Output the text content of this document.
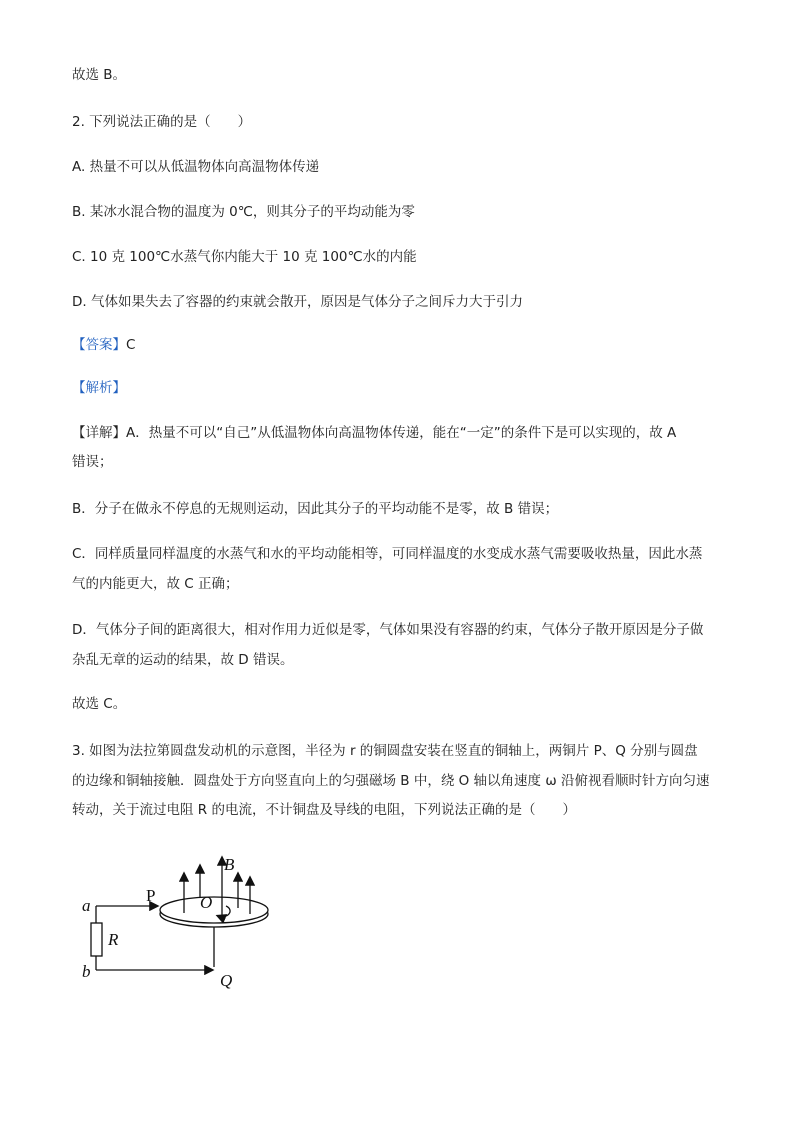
故选 B。
2. 下列说法正确的是（　　）
A. 热量不可以从低温物体向高温物体传递
B. 某冰水混合物的温度为 0℃，则其分子的平均动能为零
C. 10 克 100℃水蒸气你内能大于 10 克 100℃水的内能
D. 气体如果失去了容器的约束就会散开，原因是气体分子之间斥力大于引力
【答案】C
【解析】
【详解】A．热量不可以“自己”从低温物体向高温物体传递，能在“一定”的条件下是可以实现的，故 A
错误；
B．分子在做永不停息的无规则运动，因此其分子的平均动能不是零，故 B 错误；
C．同样质量同样温度的水蒸气和水的平均动能相等，可同样温度的水变成水蒸气需要吸收热量，因此水蒸
气的内能更大，故 C 正确；
D．气体分子间的距离很大，相对作用力近似是零，气体如果没有容器的约束，气体分子散开原因是分子做
杂乱无章的运动的结果，故 D 错误。
故选 C。
3. 如图为法拉第圆盘发动机的示意图，半径为 r 的铜圆盘安装在竖直的铜轴上，两铜片 P、Q 分别与圆盘
的边缘和铜轴接触．圆盘处于方向竖直向上的匀强磁场 B 中，绕 O 轴以角速度 ω 沿俯视看顺时针方向匀速
转动，关于流过电阻 R 的电流，不计铜盘及导线的电阻，下列说法正确的是（　　）
a
R
b
P	O
B
Q
